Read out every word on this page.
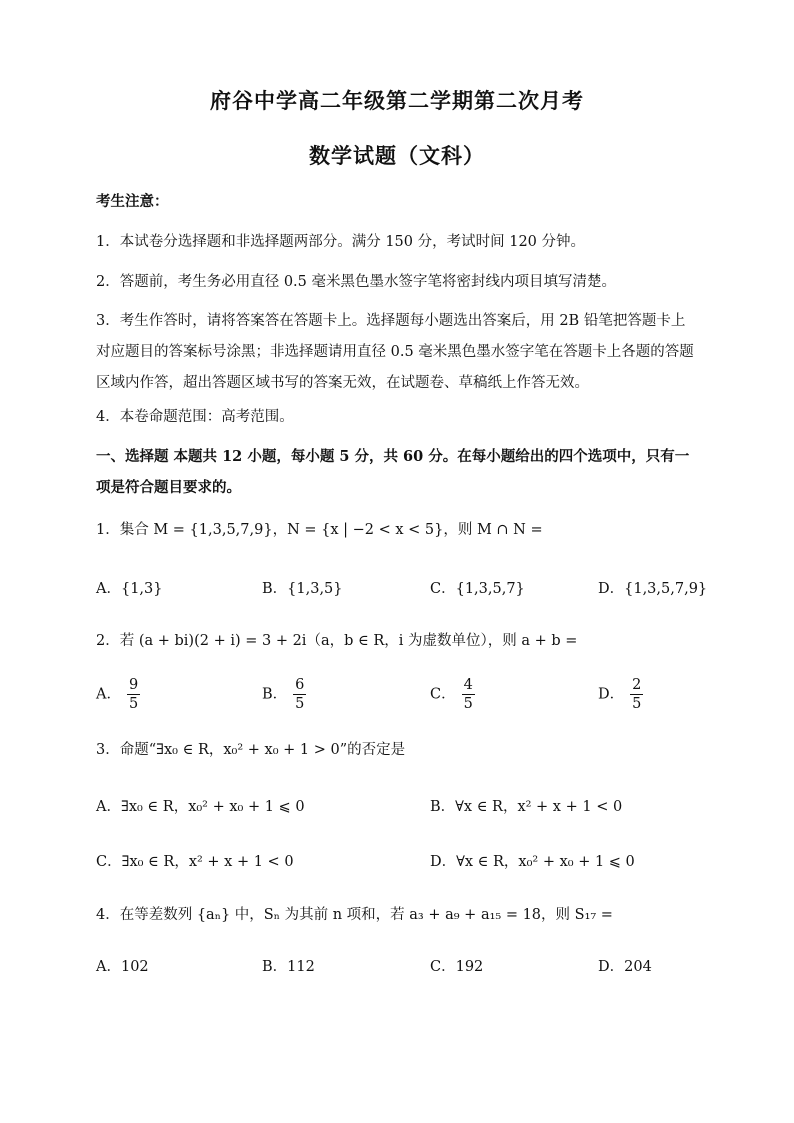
府谷中学高二年级第二学期第二次月考
数学试题（文科）
考生注意：
1．本试卷分选择题和非选择题两部分。满分 150 分，考试时间 120 分钟。
2．答题前，考生务必用直径 0.5 毫米黑色墨水签字笔将密封线内项目填写清楚。
3．考生作答时，请将答案答在答题卡上。选择题每小题选出答案后，用 2B 铅笔把答题卡上对应题目的答案标号涂黑；非选择题请用直径 0.5 毫米黑色墨水签字笔在答题卡上各题的答题区域内作答，超出答题区域书写的答案无效，在试题卷、草稿纸上作答无效。
4．本卷命题范围：高考范围。
一、选择题 本题共 12 小题，每小题 5 分，共 60 分。在每小题给出的四个选项中，只有一项是符合题目要求的。
1．集合 M = {1,3,5,7,9}，N = {x | −2 < x < 5}，则 M ∩ N =
A．{1,3}	B．{1,3,5}	C．{1,3,5,7}	D．{1,3,5,7,9}
2．若 (a + bi)(2 + i) = 3 + 2i（a，b ∈ R，i 为虚数单位），则 a + b =
A． $\frac{9}{5}$	B． $\frac{6}{5}$	C． $\frac{4}{5}$	D． $\frac{2}{5}$
3．命题“∃x₀ ∈ R，x₀² + x₀ + 1 > 0”的否定是
A．∃x₀ ∈ R，x₀² + x₀ + 1 ⩽ 0	B．∀x ∈ R，x² + x + 1 < 0
C．∃x₀ ∈ R，x² + x + 1 < 0	D．∀x ∈ R，x₀² + x₀ + 1 ⩽ 0
4．在等差数列 {aₙ} 中，Sₙ 为其前 n 项和，若 a₃ + a₉ + a₁₅ = 18，则 S₁₇ =
A．102	B．112	C．192	D．204
